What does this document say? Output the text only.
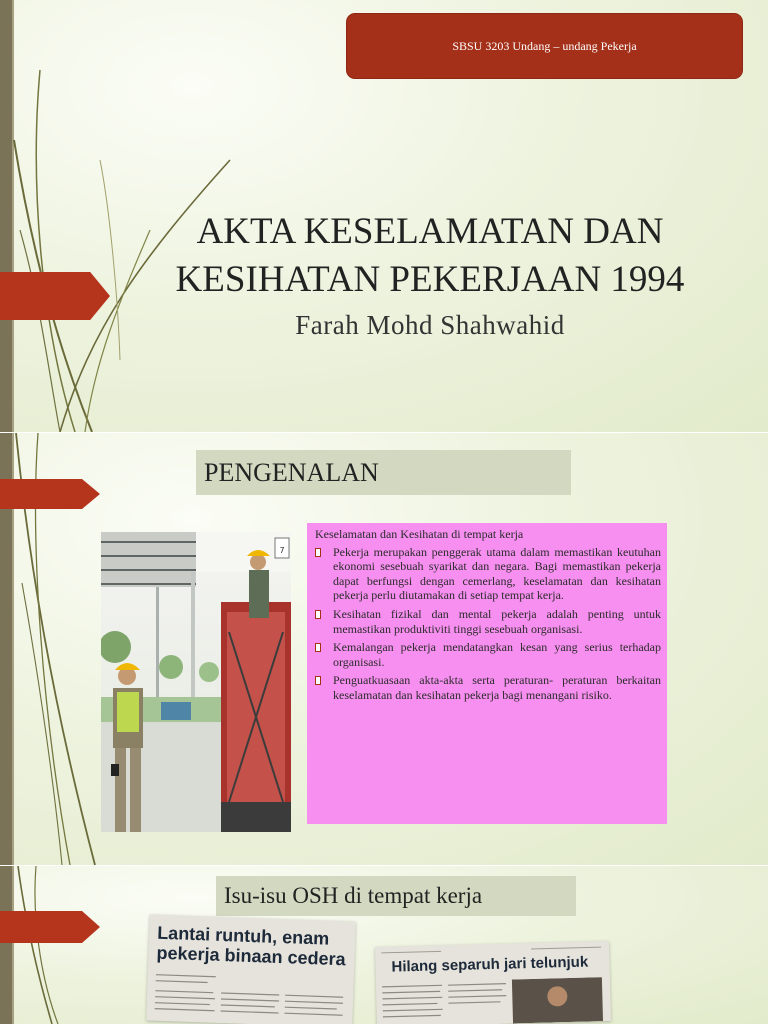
SBSU 3203 Undang – undang Pekerja
AKTA KESELAMATAN DAN
KESIHATAN PEKERJAAN 1994
Farah Mohd Shahwahid
PENGENALAN
7
Keselamatan dan Kesihatan di tempat kerja
Pekerja merupakan penggerak utama dalam memastikan keutuhan ekonomi sesebuah syarikat dan negara. Bagi memastikan pekerja dapat berfungsi dengan cemerlang, keselamatan dan kesihatan pekerja perlu diutamakan di setiap tempat kerja.
Kesihatan fizikal dan mental pekerja adalah penting untuk memastikan produktiviti tinggi sesebuah organisasi.
Kemalangan pekerja mendatangkan kesan yang serius terhadap organisasi.
Penguatkuasaan akta-akta serta peraturan- peraturan berkaitan keselamatan dan kesihatan pekerja bagi menangani risiko.
Isu-isu OSH di tempat kerja
Lantai runtuh, enam
pekerja binaan cedera	Hilang separuh jari telunjuk
